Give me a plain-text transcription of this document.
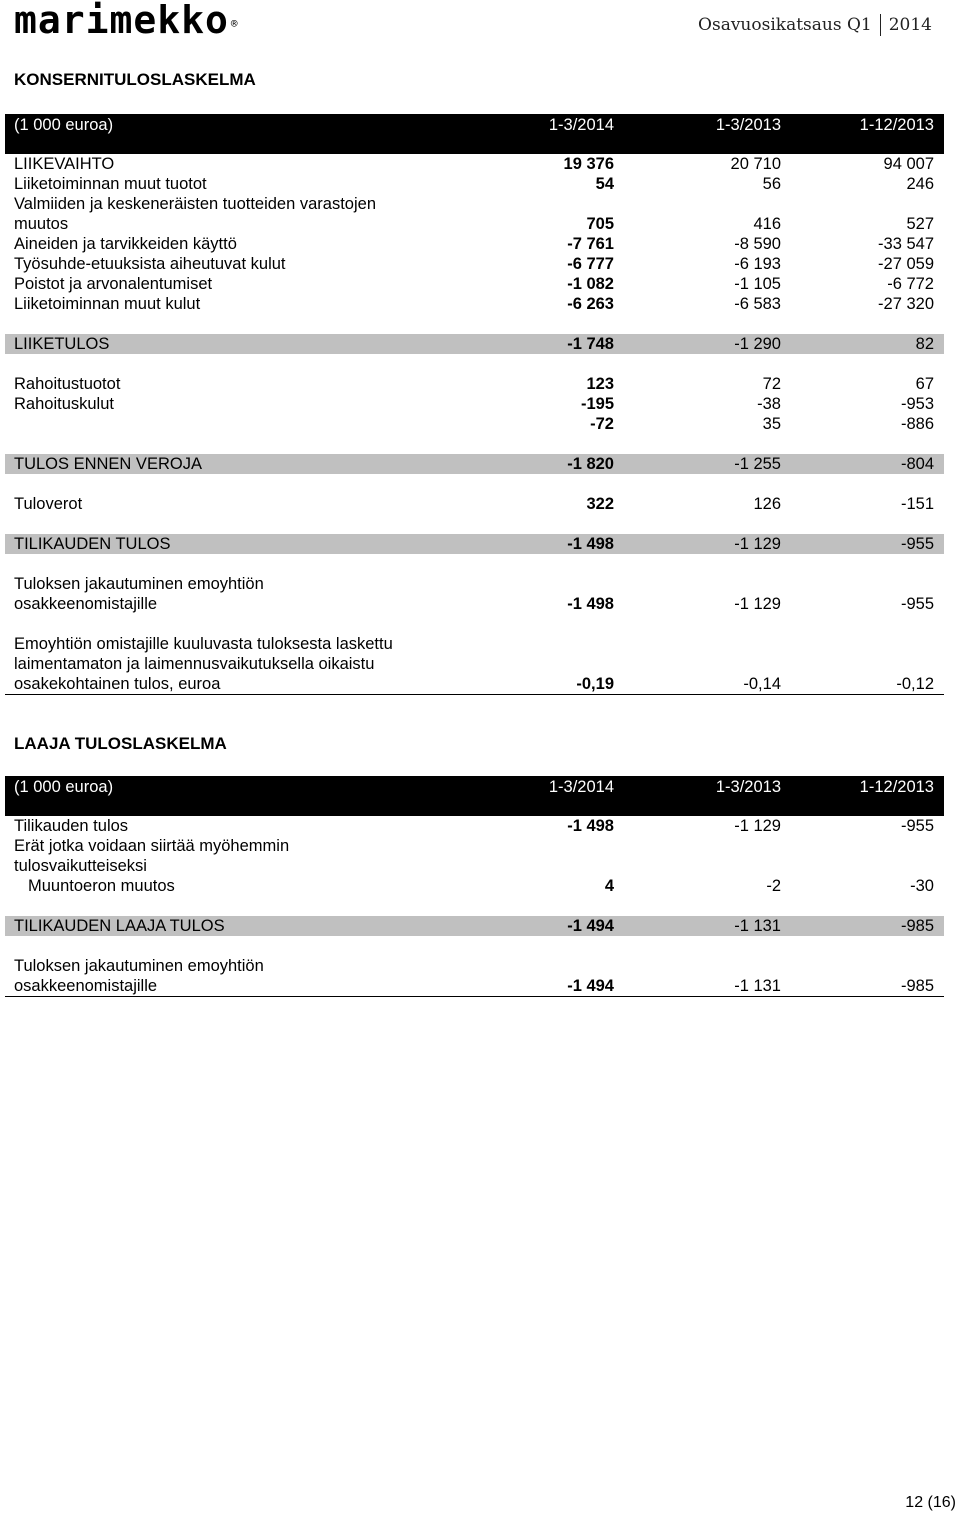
marimekko ®	Osavuosikatsaus Q1 2014
KONSERNITULOSLASKELMA
(1 000 euroa)	1-3/2014	1-3/2013	1-12/2013
LIIKEVAIHTO	19 376	20 710	94 007
Liiketoiminnan muut tuotot	54	56	246
Valmiiden ja keskeneräisten tuotteiden varastojen
muutos	705	416	527
Aineiden ja tarvikkeiden käyttö	-7 761	-8 590	-33 547
Työsuhde-etuuksista aiheutuvat kulut	-6 777	-6 193	-27 059
Poistot ja arvonalentumiset	-1 082	-1 105	-6 772
Liiketoiminnan muut kulut	-6 263	-6 583	-27 320
LIIKETULOS	-1 748	-1 290	82
Rahoitustuotot	123	72	67
Rahoituskulut	-195	-38	-953
-72	35	-886
TULOS ENNEN VEROJA	-1 820	-1 255	-804
Tuloverot	322	126	-151
TILIKAUDEN TULOS	-1 498	-1 129	-955
Tuloksen jakautuminen emoyhtiön
osakkeenomistajille	-1 498	-1 129	-955
Emoyhtiön omistajille kuuluvasta tuloksesta laskettu
laimentamaton ja laimennusvaikutuksella oikaistu
osakekohtainen tulos, euroa	-0,19	-0,14	-0,12
LAAJA TULOSLASKELMA
(1 000 euroa)	1-3/2014	1-3/2013	1-12/2013
Tilikauden tulos	-1 498	-1 129	-955
Erät jotka voidaan siirtää myöhemmin
tulosvaikutteiseksi
Muuntoeron muutos	4	-2	-30
TILIKAUDEN LAAJA TULOS	-1 494	-1 131	-985
Tuloksen jakautuminen emoyhtiön
osakkeenomistajille	-1 494	-1 131	-985
12 (16)
